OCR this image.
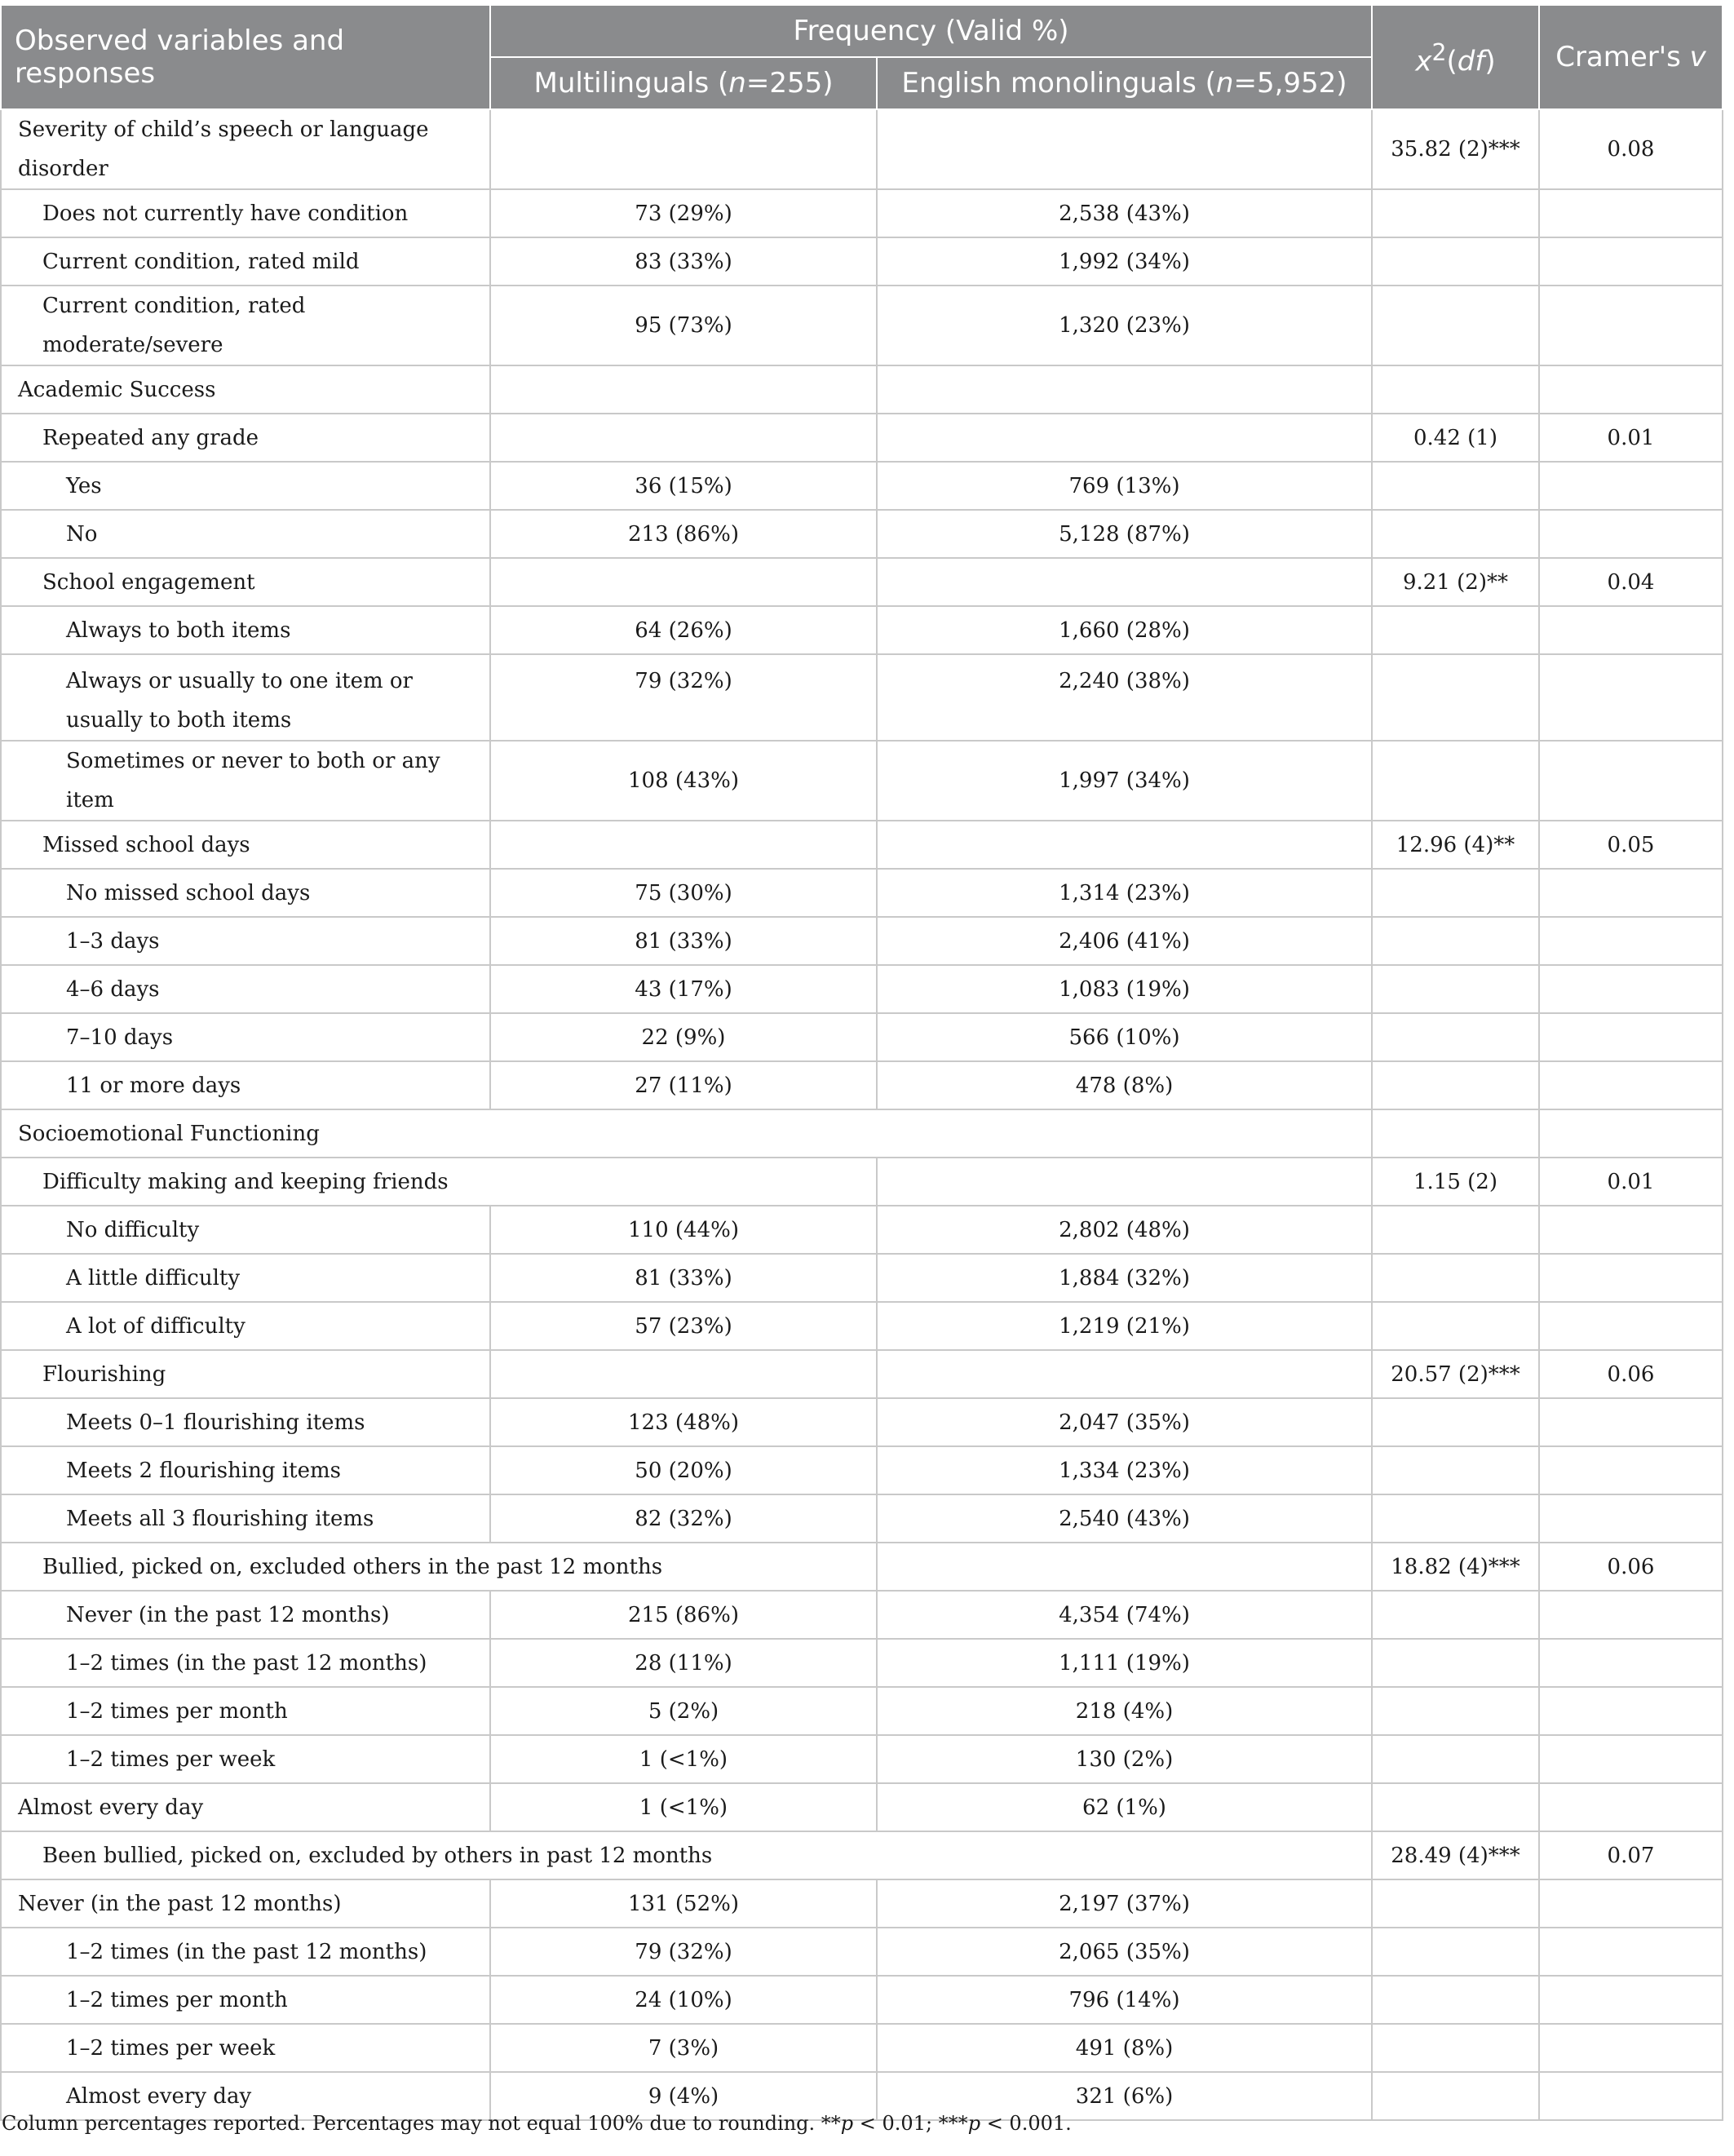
Observed variables and responses	Frequency (Valid %)		$x^2(df)$	Cramer's v
	Multilinguals (n=255)	English monolinguals (n=5,952)		
Severity of child’s speech or language disorder			35.82 (2)***	0.08
Does not currently have condition	73 (29%)	2,538 (43%)		
Current condition, rated mild	83 (33%)	1,992 (34%)		
Current condition, rated moderate/severe	95 (73%)	1,320 (23%)		
Academic Success				
Repeated any grade			0.42 (1)	0.01
Yes	36 (15%)	769 (13%)		
No	213 (86%)	5,128 (87%)		
School engagement			9.21 (2)**	0.04
Always to both items	64 (26%)	1,660 (28%)		
Always or usually to one item or usually to both items	79 (32%)	2,240 (38%)		
Sometimes or never to both or any item	108 (43%)	1,997 (34%)		
Missed school days			12.96 (4)**	0.05
No missed school days	75 (30%)	1,314 (23%)		
1–3 days	81 (33%)	2,406 (41%)		
4–6 days	43 (17%)	1,083 (19%)		
7–10 days	22 (9%)	566 (10%)		
11 or more days	27 (11%)	478 (8%)		
Socioemotional Functioning				
Difficulty making and keeping friends			1.15 (2)	0.01
No difficulty	110 (44%)	2,802 (48%)		
A little difficulty	81 (33%)	1,884 (32%)		
A lot of difficulty	57 (23%)	1,219 (21%)		
Flourishing			20.57 (2)***	0.06
Meets 0–1 flourishing items	123 (48%)	2,047 (35%)		
Meets 2 flourishing items	50 (20%)	1,334 (23%)		
Meets all 3 flourishing items	82 (32%)	2,540 (43%)		
Bullied, picked on, excluded others in the past 12 months			18.82 (4)***	0.06
Never (in the past 12 months)	215 (86%)	4,354 (74%)		
1–2 times (in the past 12 months)	28 (11%)	1,111 (19%)		
1–2 times per month	5 (2%)	218 (4%)		
1–2 times per week	1 (<1%)	130 (2%)		
Almost every day	1 (<1%)	62 (1%)		
Been bullied, picked on, excluded by others in past 12 months			28.49 (4)***	0.07
Never (in the past 12 months)	131 (52%)	2,197 (37%)		
1–2 times (in the past 12 months)	79 (32%)	2,065 (35%)		
1–2 times per month	24 (10%)	796 (14%)		
1–2 times per week	7 (3%)	491 (8%)		
Almost every day	9 (4%)	321 (6%)		
Column percentages reported. Percentages may not equal 100% due to rounding. **p < 0.01; ***p < 0.001.
